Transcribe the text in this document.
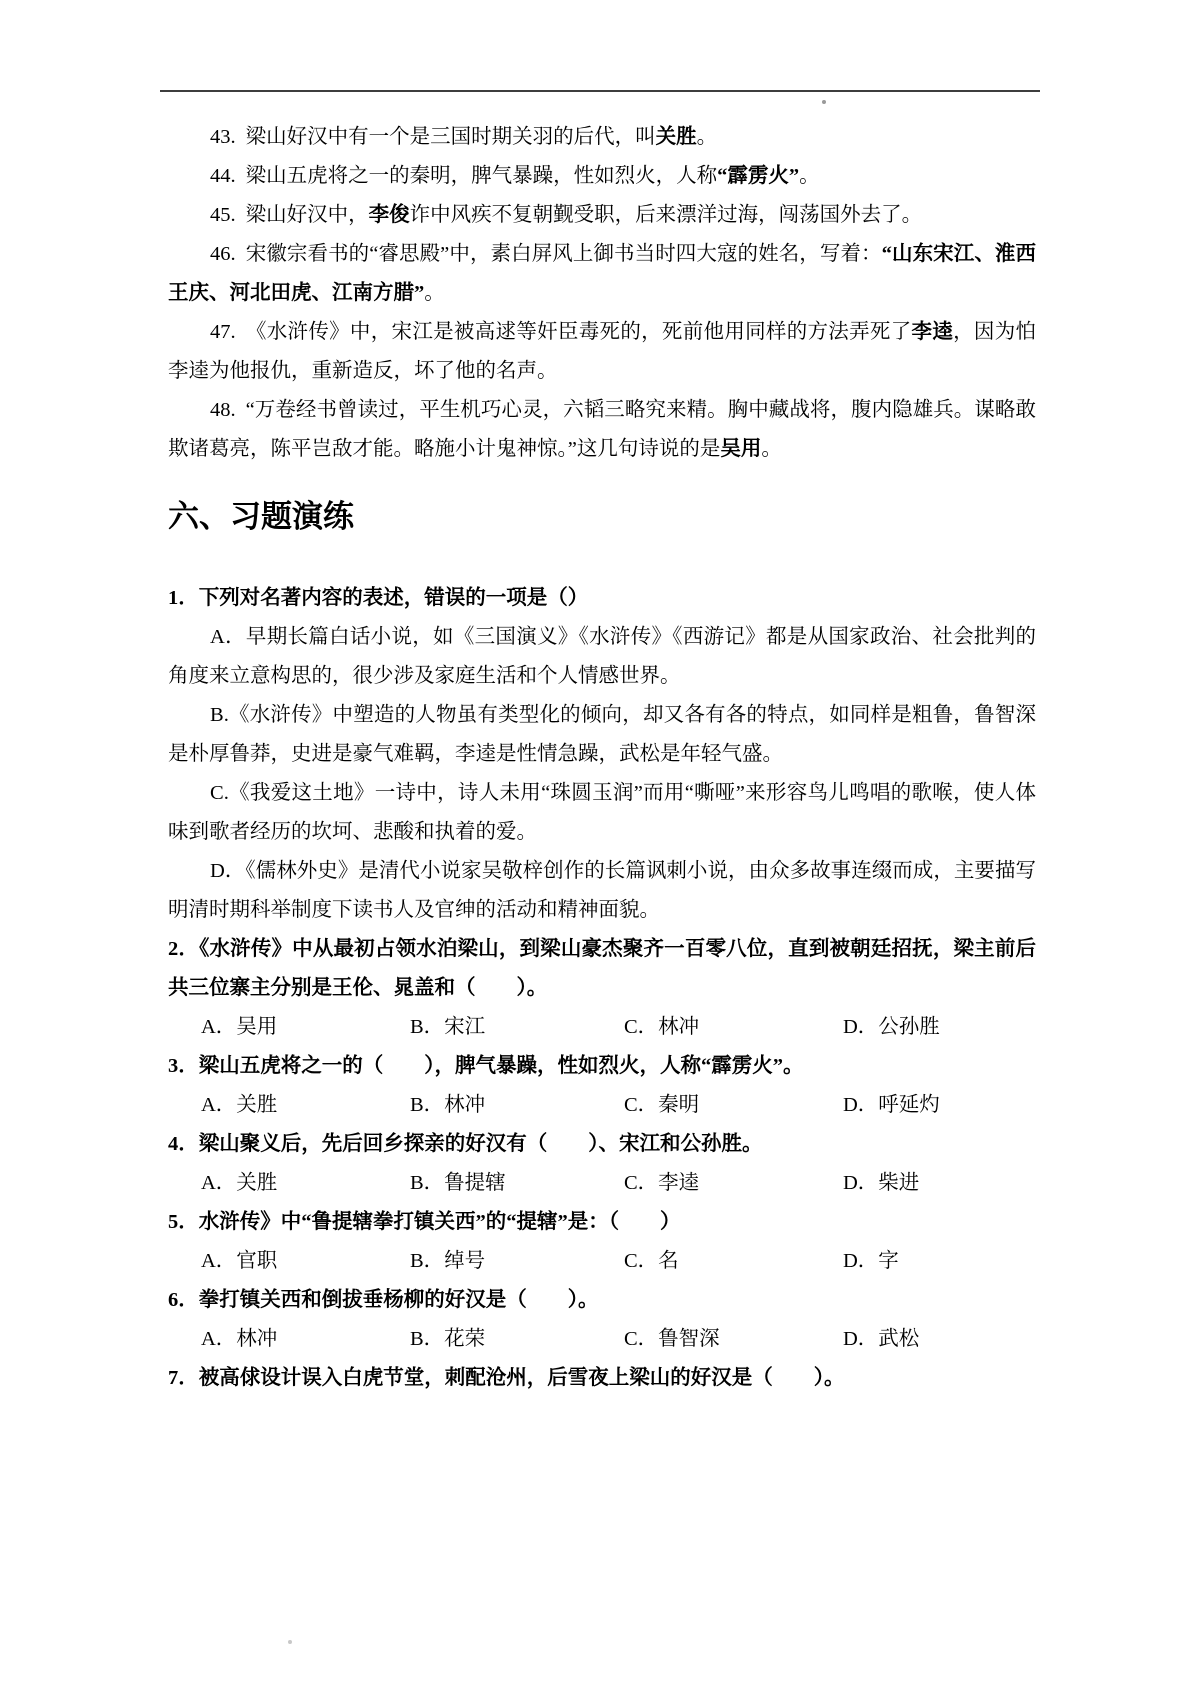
43. 梁山好汉中有一个是三国时期关羽的后代，叫关胜。

44. 梁山五虎将之一的秦明，脾气暴躁，性如烈火，人称“霹雳火”。

45. 梁山好汉中，李俊诈中风疾不复朝觐受职，后来漂洋过海，闯荡国外去了。

46. 宋徽宗看书的“睿思殿”中，素白屏风上御书当时四大寇的姓名，写着：“山东宋江、淮西王庆、河北田虎、江南方腊”。

47. 《水浒传》中，宋江是被高逑等奸臣毒死的，死前他用同样的方法弄死了李逵，因为怕李逵为他报仇，重新造反，坏了他的名声。

48. “万卷经书曾读过，平生机巧心灵，六韬三略究来精。胸中藏战将，腹内隐雄兵。谋略敢欺诸葛亮，陈平岂敌才能。略施小计鬼神惊。”这几句诗说的是吴用。

六、习题演练

1．下列对名著内容的表述，错误的一项是（）

A．早期长篇白话小说，如《三国演义》《水浒传》《西游记》都是从国家政治、社会批判的角度来立意构思的，很少涉及家庭生活和个人情感世界。

B.《水浒传》中塑造的人物虽有类型化的倾向，却又各有各的特点，如同样是粗鲁，鲁智深是朴厚鲁莽，史进是豪气难羁，李逵是性情急躁，武松是年轻气盛。

C.《我爱这土地》一诗中，诗人未用“珠圆玉润”而用“嘶哑”来形容鸟儿鸣唱的歌喉，使人体味到歌者经历的坎坷、悲酸和执着的爱。

D．《儒林外史》是清代小说家吴敬梓创作的长篇讽刺小说，由众多故事连缀而成，主要描写明清时期科举制度下读书人及官绅的活动和精神面貌。

2．《水浒传》中从最初占领水泊梁山，到梁山豪杰聚齐一百零八位，直到被朝廷招抚，梁主前后共三位寨主分别是王伦、晁盖和（　　）。

A．吴用	B．宋江	C．林冲	D．公孙胜

3．梁山五虎将之一的（　　），脾气暴躁，性如烈火，人称“霹雳火”。

A．关胜	B．林冲	C．秦明	D．呼延灼

4．梁山聚义后，先后回乡探亲的好汉有（　　）、宋江和公孙胜。

A．关胜	B．鲁提辖	C．李逵	D．柴进

5．水浒传》中“鲁提辖拳打镇关西”的“提辖”是：（　　）

A．官职	B．绰号	C．名	D．字

6．拳打镇关西和倒拔垂杨柳的好汉是（　　）。

A．林冲	B．花荣	C．鲁智深	D．武松

7．被高俅设计误入白虎节堂，刺配沧州，后雪夜上梁山的好汉是（　　）。
